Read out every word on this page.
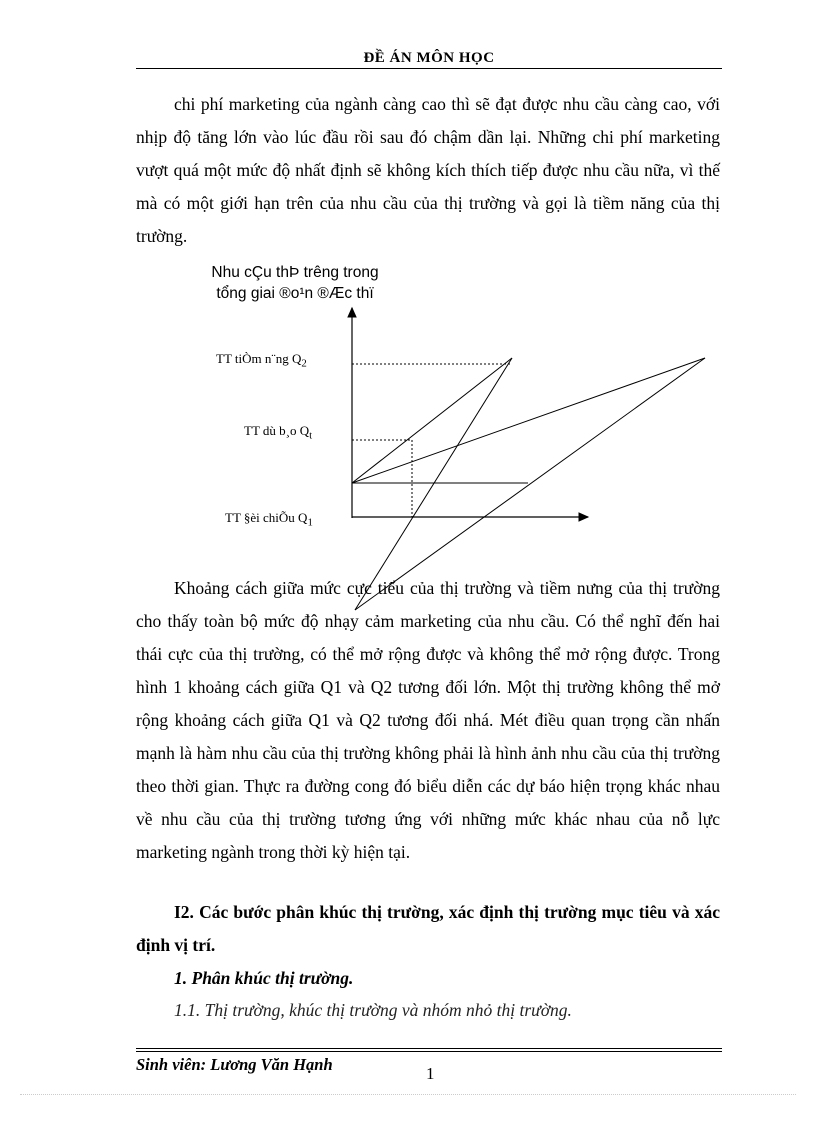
ĐỀ ÁN MÔN HỌC

chi phí marketing của ngành càng cao thì sẽ đạt được nhu cầu càng cao, với nhịp độ tăng lớn vào lúc đầu rồi sau đó chậm dần lại. Những chi phí marketing vượt quá một mức độ nhất định sẽ không kích thích tiếp được nhu cầu nữa, vì thế mà có một giới hạn trên của nhu cầu của thị trường và gọi là tiềm năng của thị trường.

Nhu cÇu thÞ trêng trong
tổng giai ®o¹n ®Æc thï
TT tiÒm n¨ng $Q_2$
TT dù b¸o $Q_t$
TT §èi chiÕu $Q_1$

Khoảng cách giữa mức cực tiểu của thị trường và tiềm nưng của thị trường cho thấy toàn bộ mức độ nhạy cảm marketing của nhu cầu. Có thể nghĩ đến hai thái cực của thị trường, có thể mở rộng được và không thể mở rộng được. Trong hình 1 khoảng cách giữa Q1 và Q2 tương đối lớn. Một thị trường không thể mở rộng khoảng cách giữa Q1 và Q2 tương đối nhá. Mét điều quan trọng cần nhấn mạnh là hàm nhu cầu của thị trường không phải là hình ảnh nhu cầu của thị trường theo thời gian. Thực ra đường cong đó biểu diễn các dự báo hiện trọng khác nhau về nhu cầu của thị trường tương ứng với những mức khác nhau của nỗ lực marketing ngành trong thời kỳ hiện tại.

I2. Các bước phân khúc thị trường, xác định thị trường mục tiêu và xác định vị trí.
1. Phân khúc thị trường.
1.1. Thị trường, khúc thị trường và nhóm nhỏ thị trường.
Sinh viên: Lương Văn Hạnh	1
